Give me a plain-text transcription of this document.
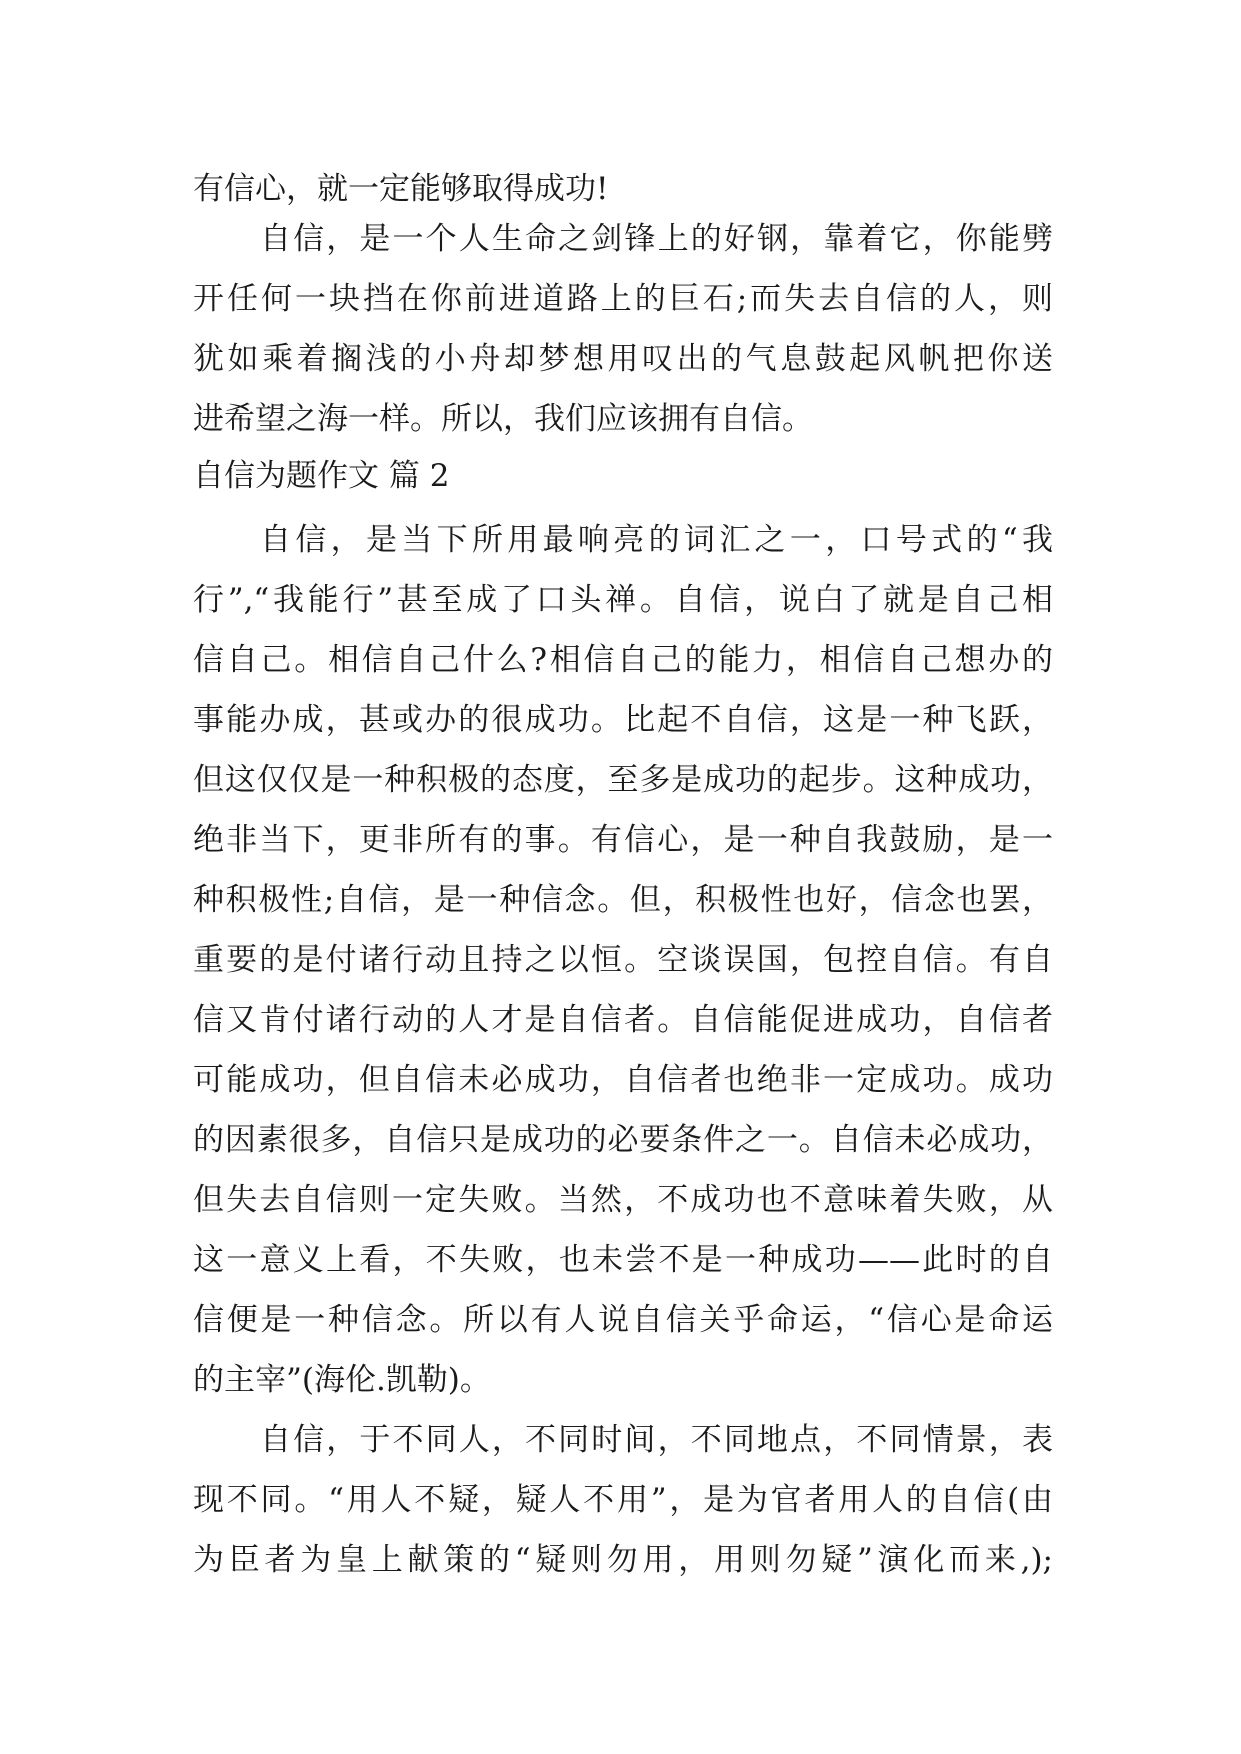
有信心，就一定能够取得成功!
自信，是一个人生命之剑锋上的好钢，靠着它，你能劈
开任何一块挡在你前进道路上的巨石;而失去自信的人，则
犹如乘着搁浅的小舟却梦想用叹出的气息鼓起风帆把你送
进希望之海一样。所以，我们应该拥有自信。
自信为题作文 篇 2
自信，是当下所用最响亮的词汇之一，口号式的“我
行”,“我能行”甚至成了口头禅。自信，说白了就是自己相
信自己。相信自己什么?相信自己的能力，相信自己想办的
事能办成，甚或办的很成功。比起不自信，这是一种飞跃，
但这仅仅是一种积极的态度，至多是成功的起步。这种成功，
绝非当下，更非所有的事。有信心，是一种自我鼓励，是一
种积极性;自信，是一种信念。但，积极性也好，信念也罢，
重要的是付诸行动且持之以恒。空谈误国，包控自信。有自
信又肯付诸行动的人才是自信者。自信能促进成功，自信者
可能成功，但自信未必成功，自信者也绝非一定成功。成功
的因素很多，自信只是成功的必要条件之一。自信未必成功，
但失去自信则一定失败。当然，不成功也不意味着失败，从
这一意义上看，不失败，也未尝不是一种成功——此时的自
信便是一种信念。所以有人说自信关乎命运，“信心是命运
的主宰”(海伦.凯勒)。
自信，于不同人，不同时间，不同地点，不同情景，表
现不同。“用人不疑，疑人不用”，是为官者用人的自信(由
为臣者为皇上献策的“疑则勿用，用则勿疑”演化而来,);
